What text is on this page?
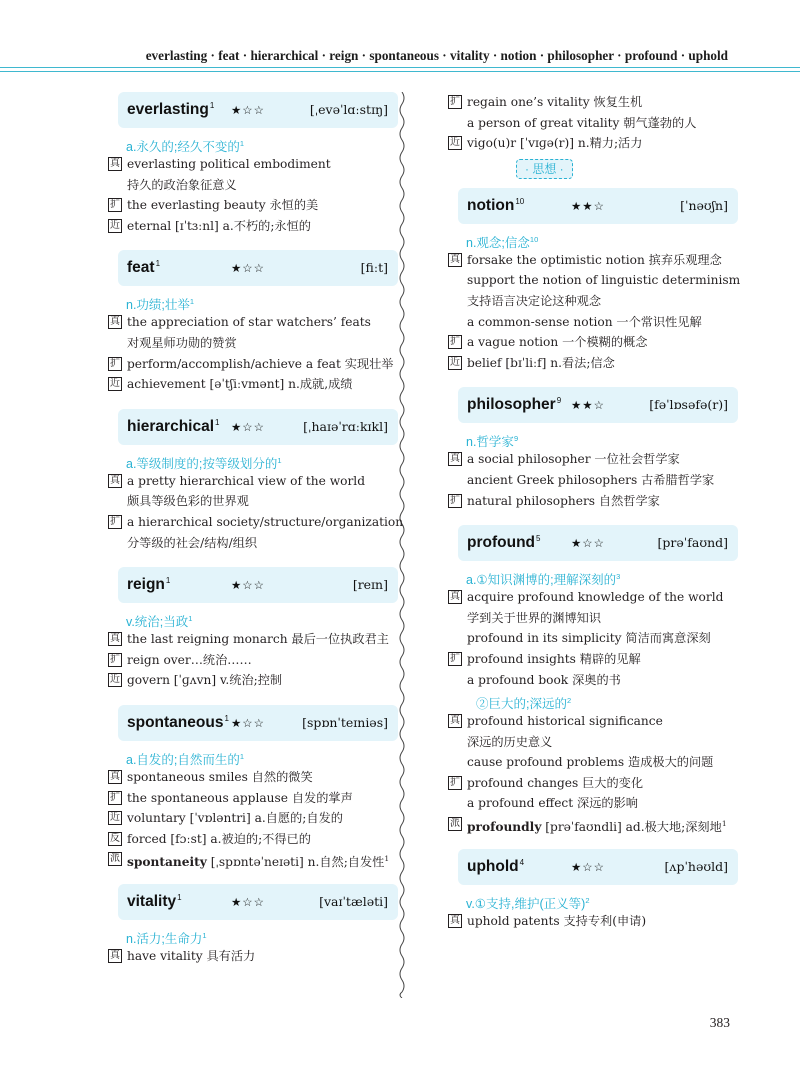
everlasting · feat · hierarchical · reign · spontaneous · vitality · notion · philosopher · profound · uphold
everlasting$^1$ ★☆☆	[ˌevəˈlɑːstɪŋ]
a.永久的;经久不变的$^1$
真 everlasting political embodiment
持久的政治象征意义
扩 the everlasting beauty 永恒的美
近 eternal [ɪˈtɜːnl] a.不朽的;永恒的
feat$^1$	★☆☆	[fiːt]
n.功绩;壮举$^1$
真 the appreciation of star watchers’ feats
对观星师功勋的赞赏
扩 perform/accomplish/achieve a feat 实现壮举
近 achievement [əˈtʃiːvmənt] n.成就,成绩
hierarchical$^1$ ★☆☆	[ˌhaɪəˈrɑːkɪkl]
a.等级制度的;按等级划分的$^1$
真 a pretty hierarchical view of the world
颇具等级色彩的世界观
扩 a hierarchical society/structure/organization
分等级的社会/结构/组织
reign$^1$	★☆☆	[reɪn]
v.统治;当政$^1$
真 the last reigning monarch 最后一位执政君主
扩 reign over…统治……
近 govern [ˈɡʌvn] v.统治;控制
spontaneous$^1$ ★☆☆	[spɒnˈteɪniəs]
a.自发的;自然而生的$^1$
真 spontaneous smiles 自然的微笑
扩 the spontaneous applause 自发的掌声
近 voluntary [ˈvɒləntri] a.自愿的;自发的
反 forced [fɔːst] a.被迫的;不得已的
派 spontaneity [ˌspɒntəˈneɪəti] n.自然;自发性$^1$
vitality$^1$	★☆☆	[vaɪˈtæləti]
n.活力;生命力$^1$
真 have vitality 具有活力
扩 regain one’s vitality 恢复生机
a person of great vitality 朝气蓬勃的人
近 vigo(u)r [ˈvɪɡə(r)] n.精力;活力
· 思想 ·
notion$^{10}$	★★☆	[ˈnəʊʃn]
n.观念;信念$^{10}$
真 forsake the optimistic notion 摈弃乐观理念
support the notion of linguistic determinism
支持语言决定论这种观念
a common-sense notion 一个常识性见解
扩 a vague notion 一个模糊的概念
近 belief [bɪˈliːf] n.看法;信念
philosopher$^9$ ★★☆	[fəˈlɒsəfə(r)]
n.哲学家$^9$
真 a social philosopher 一位社会哲学家
ancient Greek philosophers 古希腊哲学家
扩 natural philosophers 自然哲学家
profound$^5$	★☆☆	[prəˈfaʊnd]
a.①知识渊博的;理解深刻的$^3$
真 acquire profound knowledge of the world
学到关于世界的渊博知识
profound in its simplicity 简洁而寓意深刻
扩 profound insights 精辟的见解
a profound book 深奥的书
②巨大的;深远的$^2$
真 profound historical significance
深远的历史意义
cause profound problems 造成极大的问题
扩 profound changes 巨大的变化
a profound effect 深远的影响
派 profoundly [prəˈfaʊndli] ad.极大地;深刻地$^1$
uphold$^4$	★☆☆	[ʌpˈhəʊld]
v.①支持,维护(正义等)$^2$
真 uphold patents 支持专利(申请)
383
